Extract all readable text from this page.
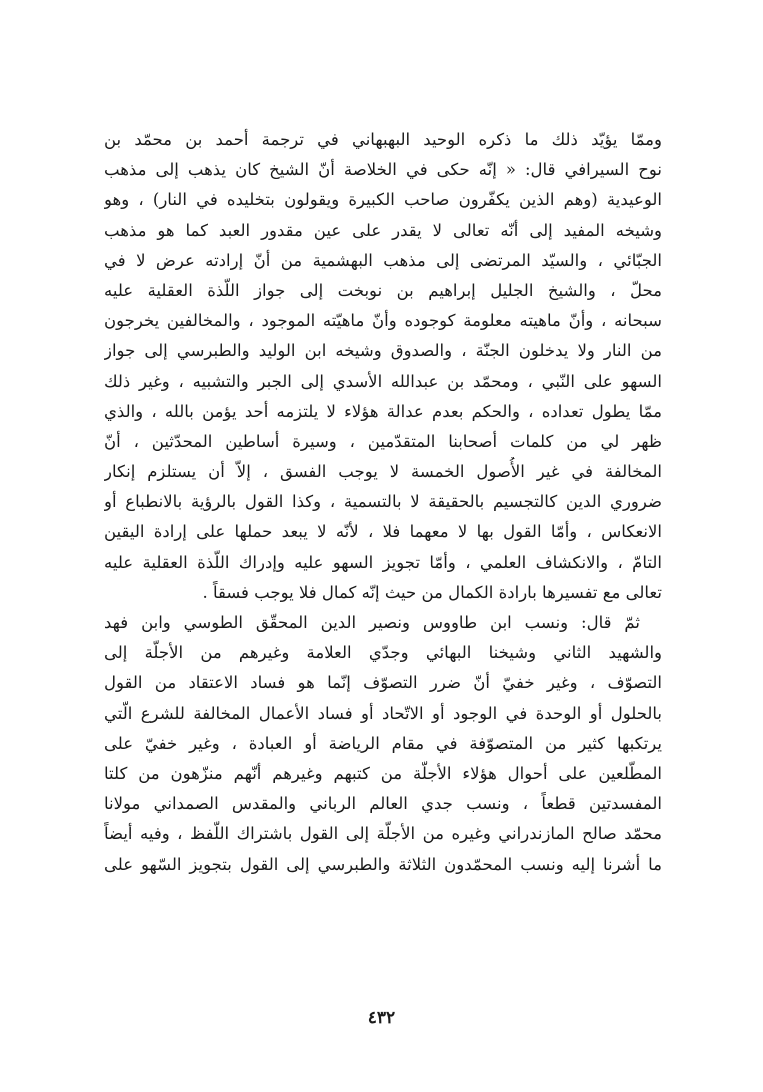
وممّا يؤيّد ذلك ما ذكره الوحيد البهبهاني في ترجمة أحمد بن محمّد بن
نوح السيرافي قال: « إنّه حكى في الخلاصة أنّ الشيخ كان يذهب إلى مذهب
الوعيدية (وهم الذين يكفّرون صاحب الكبيرة ويقولون بتخليده في النار) ، وهو
وشيخه المفيد إلى أنّه تعالى لا يقدر على عين مقدور العبد كما هو مذهب
الجبّائي ، والسيّد المرتضى إلى مذهب البهشمية من أنّ إرادته عرض لا في
محلّ ، والشيخ الجليل إبراهيم بن نوبخت إلى جواز اللّذة العقلية عليه
سبحانه ، وأنّ ماهيته معلومة كوجوده وأنّ ماهيّته الموجود ، والمخالفين يخرجون
من النار ولا يدخلون الجنّة ، والصدوق وشيخه ابن الوليد والطبرسي إلى جواز
السهو على النّبي ، ومحمّد بن عبدالله الأسدي إلى الجبر والتشبيه ، وغير ذلك
ممّا يطول تعداده ، والحكم بعدم عدالة هؤلاء لا يلتزمه أحد يؤمن بالله ، والذي
ظهر لي من كلمات أصحابنا المتقدّمين ، وسيرة أساطين المحدّثين ، أنّ
المخالفة في غير الأُصول الخمسة لا يوجب الفسق ، إلاّ أن يستلزم إنكار
ضروري الدين كالتجسيم بالحقيقة لا بالتسمية ، وكذا القول بالرؤية بالانطباع أو
الانعكاس ، وأمّا القول بها لا معهما فلا ، لأنّه لا يبعد حملها على إرادة اليقين
التامّ ، والانكشاف العلمي ، وأمّا تجويز السهو عليه وإدراك اللّذة العقلية عليه
تعالى مع تفسيرها بارادة الكمال من حيث إنّه كمال فلا يوجب فسقاً .
ثمّ قال: ونسب ابن طاووس ونصير الدين المحقّق الطوسي وابن فهد
والشهيد الثاني وشيخنا البهائي وجدّي العلامة وغيرهم من الأجلّة إلى
التصوّف ، وغير خفيّ أنّ ضرر التصوّف إنّما هو فساد الاعتقاد من القول
بالحلول أو الوحدة في الوجود أو الاتّحاد أو فساد الأعمال المخالفة للشرع الّتي
يرتكبها كثير من المتصوّفة في مقام الرياضة أو العبادة ، وغير خفيّ على
المطّلعين على أحوال هؤلاء الأجلّة من كتبهم وغيرهم أنّهم منزّهون من كلتا
المفسدتين قطعاً ، ونسب جدي العالم الرباني والمقدس الصمداني مولانا
محمّد صالح المازندراني وغيره من الأجلّة إلى القول باشتراك اللّفظ ، وفيه أيضاً
ما أشرنا إليه ونسب المحمّدون الثلاثة والطبرسي إلى القول بتجويز السّهو على
٤٣٢
